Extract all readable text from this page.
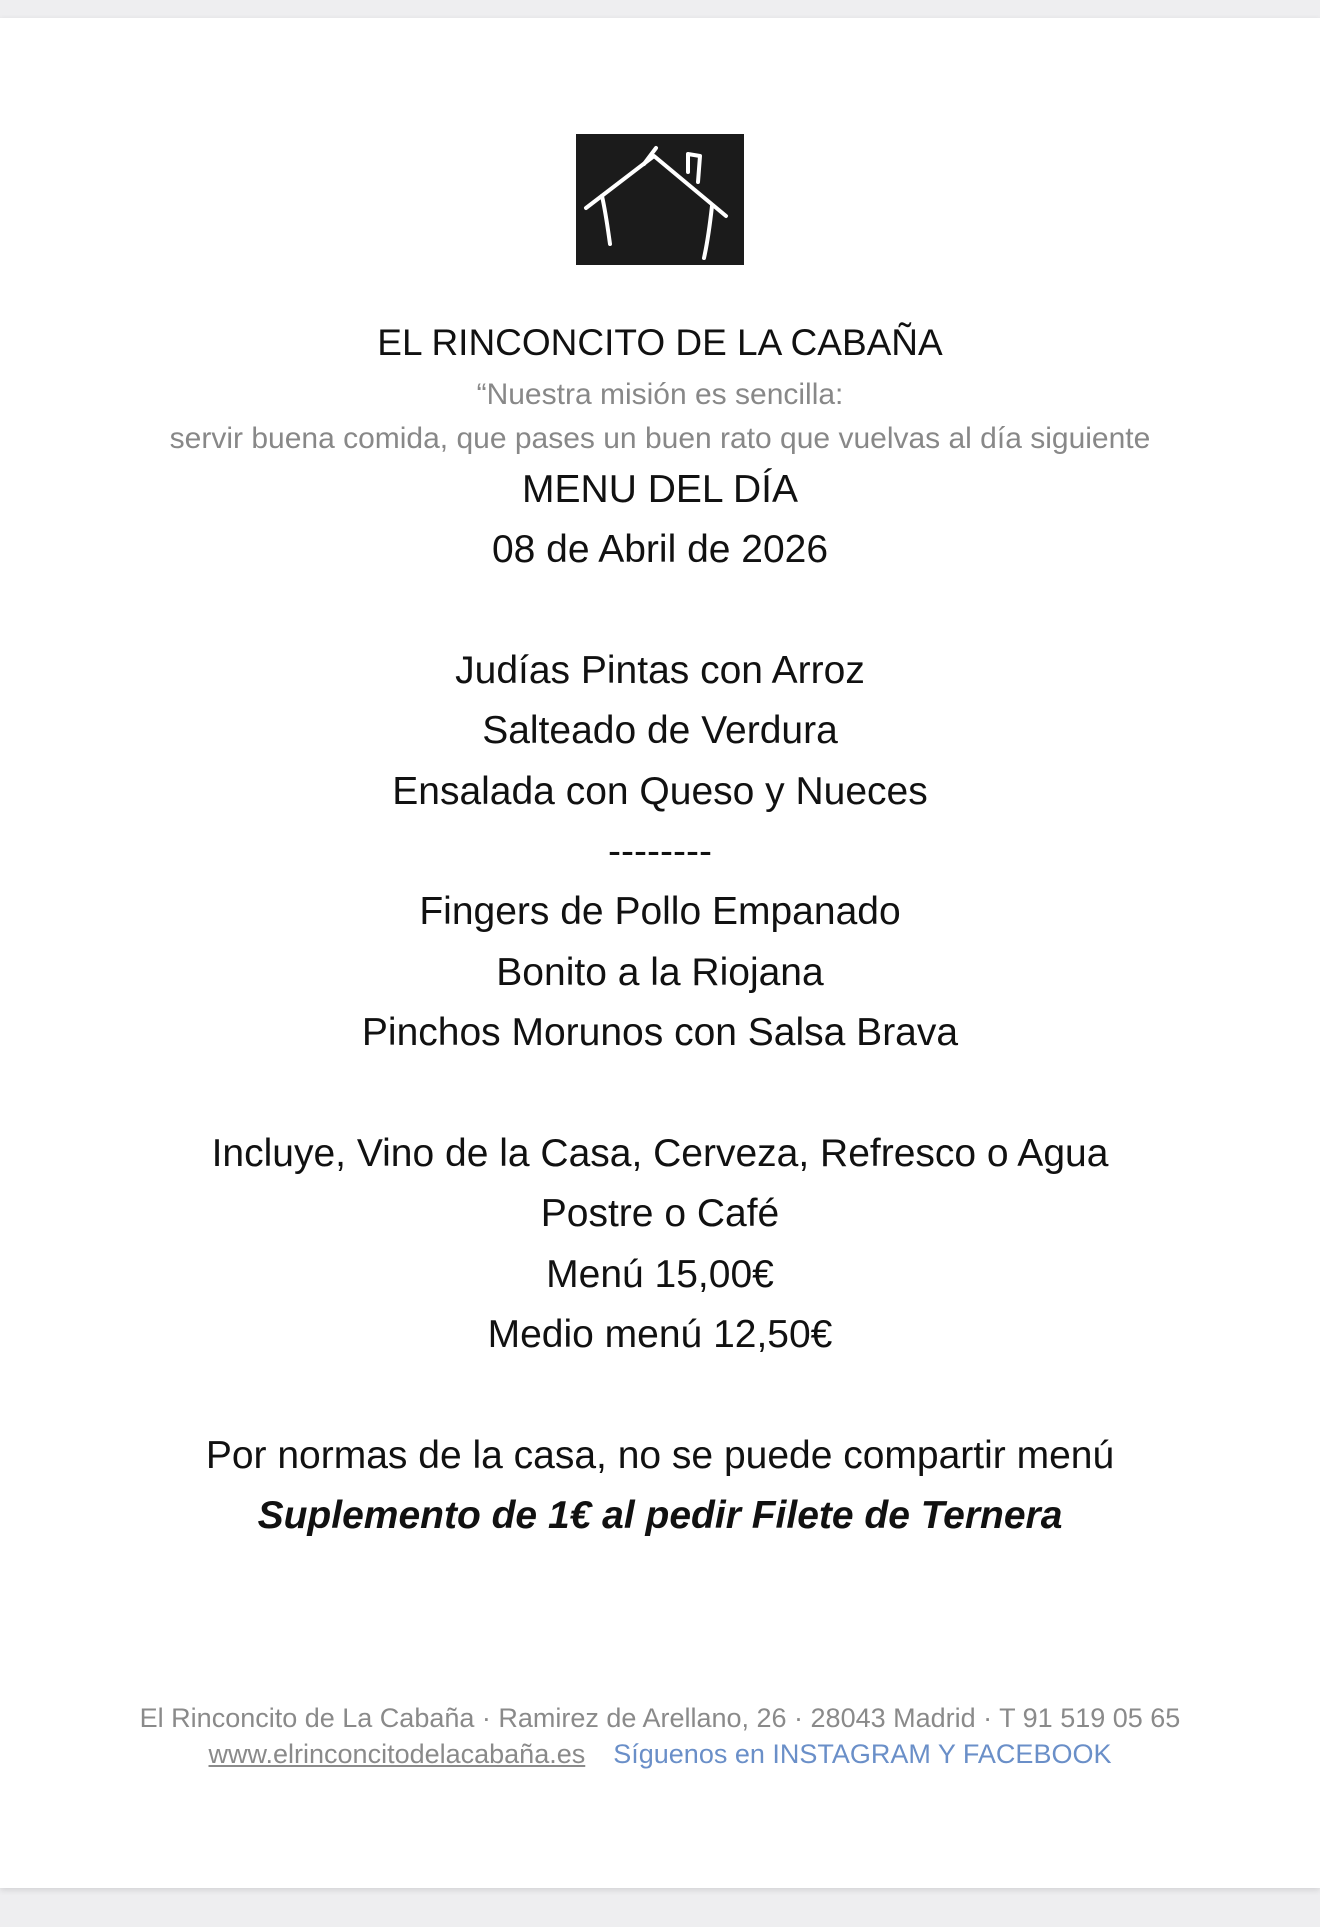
EL RINCONCITO DE LA CABAÑA
“Nuestra misión es sencilla:
servir buena comida, que pases un buen rato que vuelvas al día siguiente
MENU DEL DÍA
08 de Abril de 2026
Judías Pintas con Arroz
Salteado de Verdura
Ensalada con Queso y Nueces
--------
Fingers de Pollo Empanado
Bonito a la Riojana
Pinchos Morunos con Salsa Brava
Incluye, Vino de la Casa, Cerveza, Refresco o Agua
Postre o Café
Menú 15,00€
Medio menú 12,50€
Por normas de la casa, no se puede compartir menú
Suplemento de 1€ al pedir Filete de Ternera
El Rinconcito de La Cabaña · Ramirez de Arellano, 26 · 28043 Madrid · T 91 519 05 65
www.elrinconcitodelacabaña.es Síguenos en INSTAGRAM Y FACEBOOK
